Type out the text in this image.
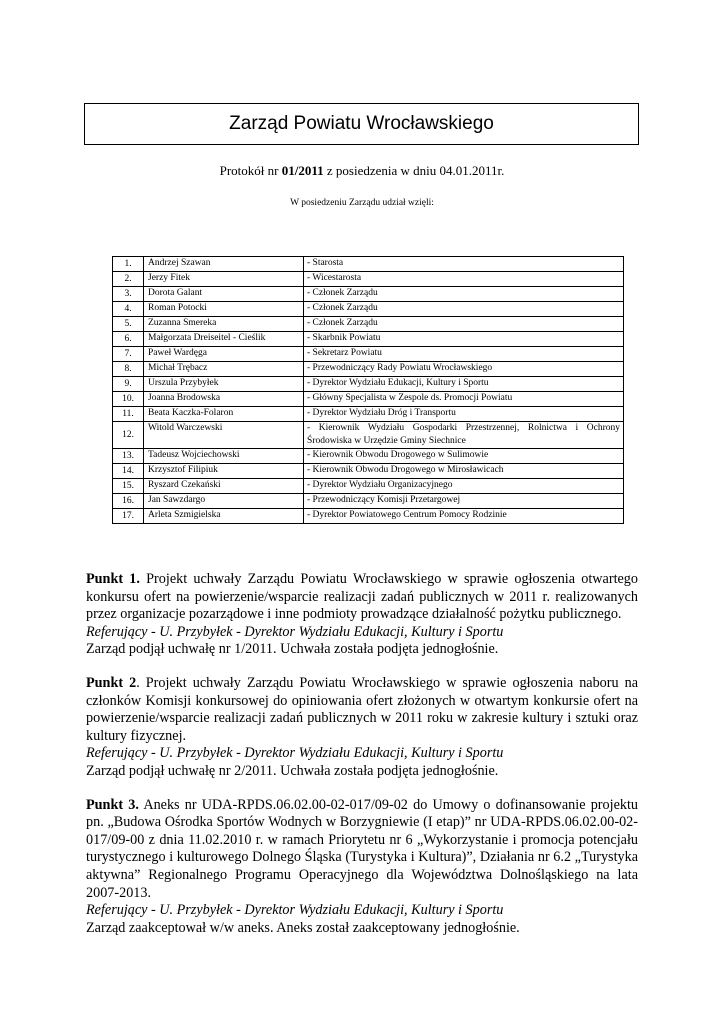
Zarząd Powiatu Wrocławskiego
Protokół nr 01/2011 z posiedzenia w dniu 04.01.2011r.
W posiedzeniu Zarządu udział wzięli:
1.	Andrzej Szawan	- Starosta
2.	Jerzy Fitek	- Wicestarosta
3.	Dorota Galant	- Członek Zarządu
4.	Roman Potocki	- Członek Zarządu
5.	Zuzanna Smereka	- Członek Zarządu
6.	Małgorzata Dreiseitel - Cieślik	- Skarbnik Powiatu
7.	Paweł Wardęga	- Sekretarz Powiatu
8.	Michał Trębacz	- Przewodniczący Rady Powiatu Wrocławskiego
9.	Urszula Przybyłek	- Dyrektor Wydziału Edukacji, Kultury i Sportu
10.	Joanna Brodowska	- Główny Specjalista w Zespole ds. Promocji Powiatu
11.	Beata Kaczka-Folaron	- Dyrektor Wydziału Dróg i Transportu
12.	Witold Warczewski	- Kierownik Wydziału Gospodarki Przestrzennej, Rolnictwa i Ochrony Środowiska w Urzędzie Gminy Siechnice
13.	Tadeusz Wojciechowski	- Kierownik Obwodu Drogowego w Sulimowie
14.	Krzysztof Filipiuk	- Kierownik Obwodu Drogowego w Mirosławicach
15.	Ryszard Czekański	- Dyrektor Wydziału Organizacyjnego
16.	Jan Sawzdargo	- Przewodniczący Komisji Przetargowej
17.	Arleta Szmigielska	- Dyrektor Powiatowego Centrum Pomocy Rodzinie

Punkt 1. Projekt uchwały Zarządu Powiatu Wrocławskiego w sprawie ogłoszenia otwartego konkursu ofert na powierzenie/wsparcie realizacji zadań publicznych w 2011 r. realizowanych przez organizacje pozarządowe i inne podmioty prowadzące działalność pożytku publicznego.

Referujący - U. Przybyłek - Dyrektor Wydziału Edukacji, Kultury i Sportu

Zarząd podjął uchwałę nr 1/2011. Uchwała została podjęta jednogłośnie.

Punkt 2. Projekt uchwały Zarządu Powiatu Wrocławskiego w sprawie ogłoszenia naboru na członków Komisji konkursowej do opiniowania ofert złożonych w otwartym konkursie ofert na powierzenie/wsparcie realizacji zadań publicznych w 2011 roku w zakresie kultury i sztuki oraz kultury fizycznej.

Referujący - U. Przybyłek - Dyrektor Wydziału Edukacji, Kultury i Sportu

Zarząd podjął uchwałę nr 2/2011. Uchwała została podjęta jednogłośnie.

Punkt 3. Aneks nr UDA-RPDS.06.02.00-02-017/09-02 do Umowy o dofinansowanie projektu pn. „Budowa Ośrodka Sportów Wodnych w Borzygniewie (I etap)” nr UDA-RPDS.06.02.00-02-017/09-00 z dnia 11.02.2010 r. w ramach Priorytetu nr 6 „Wykorzystanie i promocja potencjału turystycznego i kulturowego Dolnego Śląska (Turystyka i Kultura)”, Działania nr 6.2 „Turystyka aktywna” Regionalnego Programu Operacyjnego dla Województwa Dolnośląskiego na lata 2007-2013.

Referujący - U. Przybyłek - Dyrektor Wydziału Edukacji, Kultury i Sportu

Zarząd zaakceptował w/w aneks. Aneks został zaakceptowany jednogłośnie.
